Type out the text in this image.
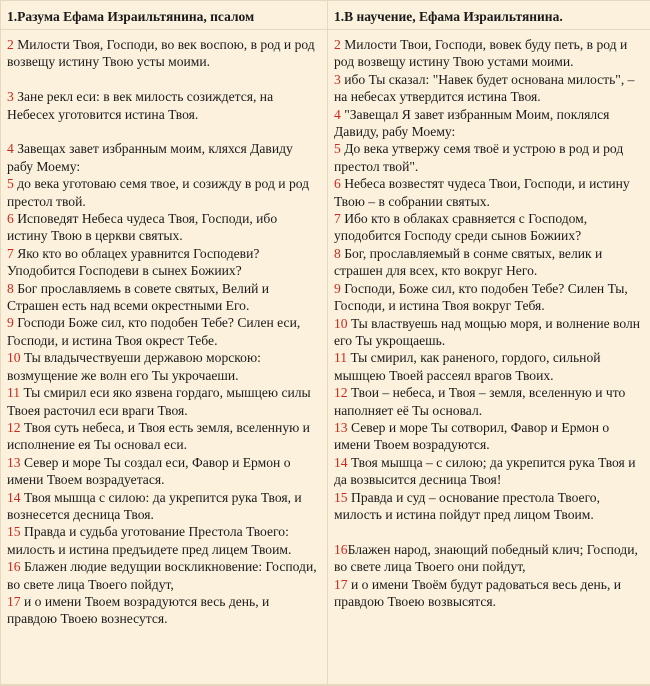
1.Разума Ефама Израильтянина, псалом	1.В научение, Ефама Израильтянина.

2 Милости Твоя, Господи, во век воспою, в род и род возвещу истину Твою усты моими.

3 Зане рекл еси: в век милость созиждется, на Небесех уготовится истина Твоя.

4 Завещах завет избранным моим, кляхся Давиду рабу Моему:

5 до века уготовaю семя твое, и созижду в род и род престол твой.

6 Исповедят Небеса чудеса Твоя, Господи, ибо истину Твою в церкви святых.

7 Яко кто во облацех уравнится Господеви? Уподобится Господеви в сынех Божиих?

8 Бог прославляемь в совете святых, Велий и Страшен есть над всеми окрестными Его.

9 Господи Боже сил, кто подобен Тебе? Силен еси, Господи, и истина Твоя окрест Тебе.

10 Ты владычествуеши державою морскою: возмущение же волн его Ты укрочаеши.

11 Ты смирил еси яко язвена гордаго, мышцею силы Твоея расточил еси враги Твоя.

12 Твоя суть небеса, и Твоя есть земля, вселенную и исполнение ея Ты основал еси.

13 Север и море Ты создал еси, Фавор и Ермон о имени Твоем возрадуетася.

14 Твоя мышца с силою: да укрепится рука Твоя, и вознесется десница Твоя.

15 Правда и судьба уготование Престола Твоего: милость и истина предъидете пред лицем Твоим.

16 Блажен людие ведущии воскликновение: Господи, во свете лица Твоего пойдут,

17 и о имени Твоем возрадуются весь день, и правдою Твоею вознесутся.

2 Милости Твои, Господи, вовек буду петь, в род и род возвещу истину Твою устами моими.

3 ибо Ты сказал: "Навек будет основана милость", – на небесах утвердится истина Твоя.

4 "Завещал Я завет избранным Моим, поклялся Давиду, рабу Моему:

5 До века утвержу семя твоё и устрою в род и род престол твой".

6 Небеса возвестят чудеса Твои, Господи, и истину Твою – в собрании святых.

7 Ибо кто в облаках сравняется с Господом, уподобится Господу среди сынов Божиих?

8 Бог, прославляемый в сонме святых, велик и страшен для всех, кто вокруг Него.

9 Господи, Боже сил, кто подобен Тебе? Силен Ты, Господи, и истина Твоя вокруг Тебя.

10 Ты властвуешь над мощью моря, и волнение волн его Ты укрощаешь.

11 Ты смирил, как раненого, гордого, сильной мышцею Твоей рассеял врагов Твоих.

12 Твои – небеса, и Твоя – земля, вселенную и что наполняет её Ты основал.

13 Север и море Ты сотворил, Фавор и Ермон о имени Твоем возрадуются.

14 Твоя мышца – с силою; да укрепится рука Твоя и да возвысится десница Твоя!

15 Правда и суд – основание престола Твоего, милость и истина пойдут пред лицом Твоим.

16Блажен народ, знающий победный клич; Господи, во свете лица Твоего они пойдут,

17 и о имени Твоём будут радоваться весь день, и правдою Твоею возвысятся.
